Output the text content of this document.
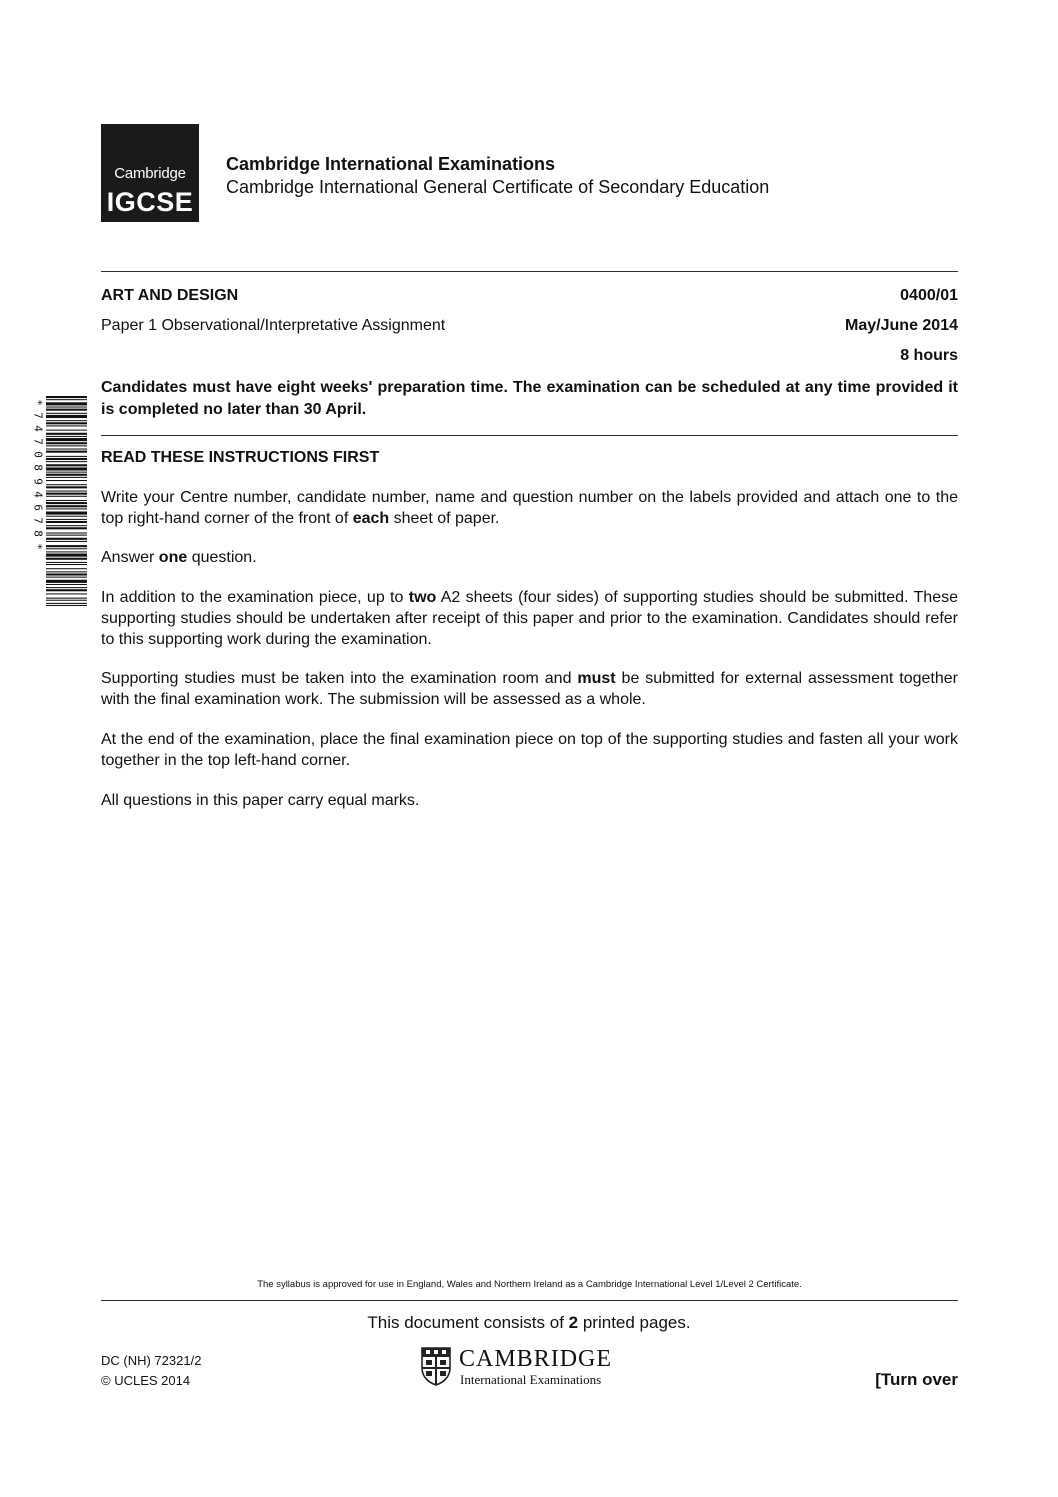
Cambridge
IGCSE
Cambridge International Examinations
Cambridge International General Certificate of Secondary Education
ART AND DESIGN	0400/01
Paper 1 Observational/Interpretative Assignment	May/June 2014
8 hours
Candidates must have eight weeks' preparation time. The examination can be scheduled at any time provided it is completed no later than 30 April.
*
7
4
7
0
8
9
4
6
7
8
*
READ THESE INSTRUCTIONS FIRST
Write your Centre number, candidate number, name and question number on the labels provided and attach one to the top right-hand corner of the front of each sheet of paper.
Answer one question.
In addition to the examination piece, up to two A2 sheets (four sides) of supporting studies should be submitted. These supporting studies should be undertaken after receipt of this paper and prior to the examination. Candidates should refer to this supporting work during the examination.
Supporting studies must be taken into the examination room and must be submitted for external assessment together with the final examination work. The submission will be assessed as a whole.
At the end of the examination, place the final examination piece on top of the supporting studies and fasten all your work together in the top left-hand corner.
All questions in this paper carry equal marks.
The syllabus is approved for use in England, Wales and Northern Ireland as a Cambridge International Level 1/Level 2 Certificate.
This document consists of 2 printed pages.
DC (NH) 72321/2
© UCLES 2014
CAMBRIDGE
International Examinations	[Turn over
